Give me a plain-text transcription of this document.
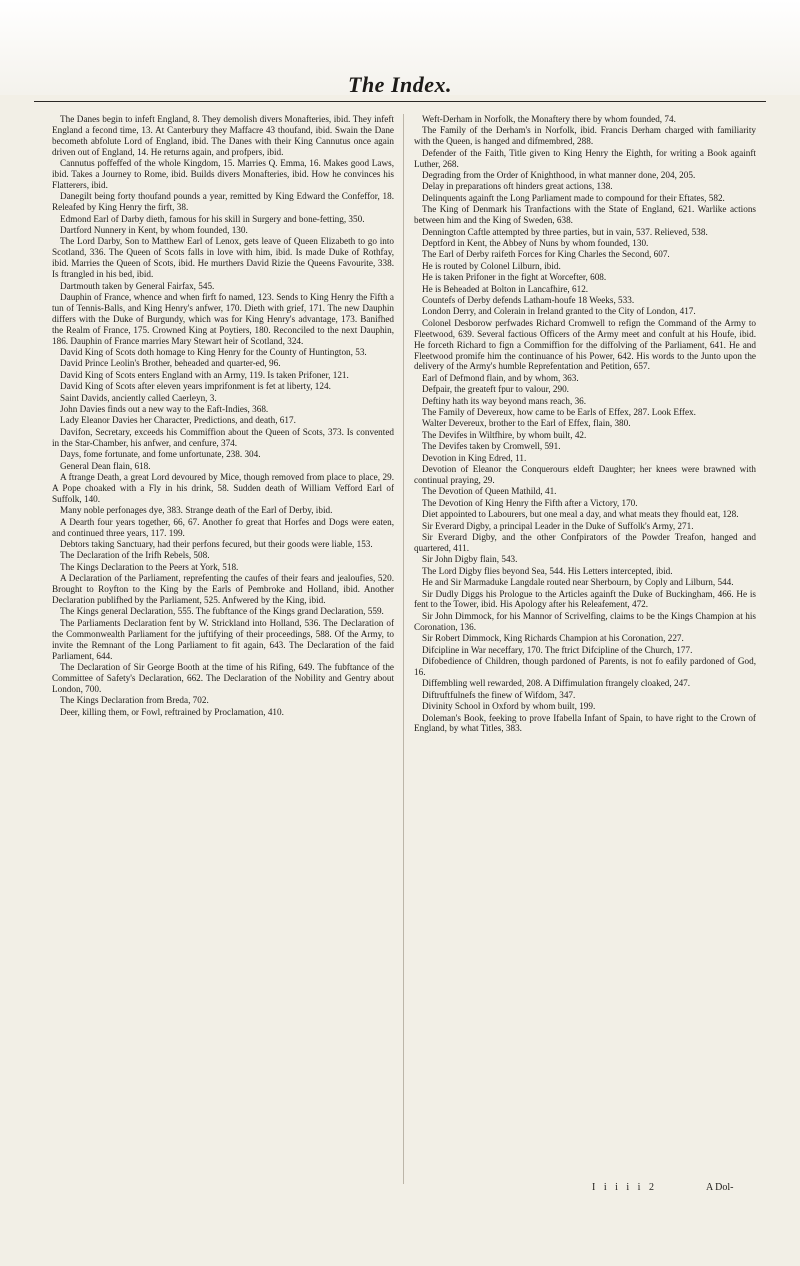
The Index.

The Danes begin to infeft England, 8. They demolish divers Monafteries, ibid. They infeft England a fecond time, 13. At Canterbury they Maffacre 43 thoufand, ibid. Swain the Dane becometh abfolute Lord of England, ibid. The Danes with their King Cannutus once again driven out of England, 14. He returns again, and profpers, ibid.

Cannutus poffeffed of the whole Kingdom, 15. Marries Q. Emma, 16. Makes good Laws, ibid. Takes a Journey to Rome, ibid. Builds divers Monafteries, ibid. How he convinces his Flatterers, ibid.

Danegilt being forty thoufand pounds a year, remitted by King Edward the Confeffor, 18. Releafed by King Henry the firft, 38.

Edmond Earl of Darby dieth, famous for his skill in Surgery and bone-fetting, 350.

Dartford Nunnery in Kent, by whom founded, 130.

The Lord Darby, Son to Matthew Earl of Lenox, gets leave of Queen Elizabeth to go into Scotland, 336. The Queen of Scots falls in love with him, ibid. Is made Duke of Rothfay, ibid. Marries the Queen of Scots, ibid. He murthers David Rizie the Queens Favourite, 338. Is ftrangled in his bed, ibid.

Dartmouth taken by General Fairfax, 545.

Dauphin of France, whence and when firft fo named, 123. Sends to King Henry the Fifth a tun of Tennis-Balls, and King Henry's anfwer, 170. Dieth with grief, 171. The new Dauphin differs with the Duke of Burgundy, which was for King Henry's advantage, 173. Banifhed the Realm of France, 175. Crowned King at Poytiers, 180. Reconciled to the next Dauphin, 186. Dauphin of France marries Mary Stewart heir of Scotland, 324.

David King of Scots doth homage to King Henry for the County of Huntington, 53.

David Prince Leolin's Brother, beheaded and quarter-ed, 96.

David King of Scots enters England with an Army, 119. Is taken Prifoner, 121.

David King of Scots after eleven years imprifonment is fet at liberty, 124.

Saint Davids, anciently called Caerleyn, 3.

John Davies finds out a new way to the Eaft-Indies, 368.

Lady Eleanor Davies her Character, Predictions, and death, 617.

Davifon, Secretary, exceeds his Commiffion about the Queen of Scots, 373. Is convented in the Star-Chamber, his anfwer, and cenfure, 374.

Days, fome fortunate, and fome unfortunate, 238. 304.

General Dean flain, 618.

A ftrange Death, a great Lord devoured by Mice, though removed from place to place, 29. A Pope choaked with a Fly in his drink, 58. Sudden death of William Vefford Earl of Suffolk, 140.

Many noble perfonages dye, 383. Strange death of the Earl of Derby, ibid.

A Dearth four years together, 66, 67. Another fo great that Horfes and Dogs were eaten, and continued three years, 117. 199.

Debtors taking Sanctuary, had their perfons fecured, but their goods were liable, 153.

The Declaration of the Irifh Rebels, 508.

The Kings Declaration to the Peers at York, 518.

A Declaration of the Parliament, reprefenting the caufes of their fears and jealoufies, 520. Brought to Royfton to the King by the Earls of Pembroke and Holland, ibid. Another Declaration publifhed by the Parliament, 525. Anfwered by the King, ibid.

The Kings general Declaration, 555. The fubftance of the Kings grand Declaration, 559.

The Parliaments Declaration fent by W. Strickland into Holland, 536. The Declaration of the Commonwealth Parliament for the juftifying of their proceedings, 588. Of the Army, to invite the Remnant of the Long Parliament to fit again, 643. The Declaration of the faid Parliament, 644.

The Declaration of Sir George Booth at the time of his Rifing, 649. The fubftance of the Committee of Safety's Declaration, 662. The Declaration of the Nobility and Gentry about London, 700.

The Kings Declaration from Breda, 702.

Deer, killing them, or Fowl, reftrained by Proclamation, 410.

Weft-Derham in Norfolk, the Monaftery there by whom founded, 74.

The Family of the Derham's in Norfolk, ibid. Francis Derham charged with familiarity with the Queen, is hanged and difmembred, 288.

Defender of the Faith, Title given to King Henry the Eighth, for writing a Book againft Luther, 268.

Degrading from the Order of Knighthood, in what manner done, 204, 205.

Delay in preparations oft hinders great actions, 138.

Delinquents againft the Long Parliament made to compound for their Eftates, 582.

The King of Denmark his Tranfactions with the State of England, 621. Warlike actions between him and the King of Sweden, 638.

Dennington Caftle attempted by three parties, but in vain, 537. Relieved, 538.

Deptford in Kent, the Abbey of Nuns by whom founded, 130.

The Earl of Derby raifeth Forces for King Charles the Second, 607.

He is routed by Colonel Lilburn, ibid.

He is taken Prifoner in the fight at Worcefter, 608.

He is Beheaded at Bolton in Lancafhire, 612.

Countefs of Derby defends Latham-houfe 18 Weeks, 533.

London Derry, and Colerain in Ireland granted to the City of London, 417.

Colonel Desborow perfwades Richard Cromwell to refign the Command of the Army to Fleetwood, 639. Several factious Officers of the Army meet and confult at his Houfe, ibid. He forceth Richard to fign a Commiffion for the diffolving of the Parliament, 641. He and Fleetwood promife him the continuance of his Power, 642. His words to the Junto upon the delivery of the Army's humble Reprefentation and Petition, 657.

Earl of Defmond flain, and by whom, 363.

Defpair, the greateft fpur to valour, 290.

Deftiny hath its way beyond mans reach, 36.

The Family of Devereux, how came to be Earls of Effex, 287. Look Effex.

Walter Devereux, brother to the Earl of Effex, flain, 380.

The Devifes in Wiltfhire, by whom built, 42.

The Devifes taken by Cromwell, 591.

Devotion in King Edred, 11.

Devotion of Eleanor the Conquerours eldeft Daughter; her knees were brawned with continual praying, 29.

The Devotion of Queen Mathild, 41.

The Devotion of King Henry the Fifth after a Victory, 170.

Diet appointed to Labourers, but one meal a day, and what meats they fhould eat, 128.

Sir Everard Digby, a principal Leader in the Duke of Suffolk's Army, 271.

Sir Everard Digby, and the other Confpirators of the Powder Treafon, hanged and quartered, 411.

Sir John Digby flain, 543.

The Lord Digby flies beyond Sea, 544. His Letters intercepted, ibid.

He and Sir Marmaduke Langdale routed near Sherbourn, by Coply and Lilburn, 544.

Sir Dudly Diggs his Prologue to the Articles againft the Duke of Buckingham, 466. He is fent to the Tower, ibid. His Apology after his Releafement, 472.

Sir John Dimmock, for his Mannor of Scrivelfing, claims to be the Kings Champion at his Coronation, 136.

Sir Robert Dimmock, King Richards Champion at his Coronation, 227.

Difcipline in War neceffary, 170. The ftrict Difcipline of the Church, 177.

Difobedience of Children, though pardoned of Parents, is not fo eafily pardoned of God, 16.

Diffembling well rewarded, 208. A Diffimulation ftrangely cloaked, 247.

Diftruftfulnefs the finew of Wifdom, 347.

Divinity School in Oxford by whom built, 199.

Doleman's Book, feeking to prove Ifabella Infant of Spain, to have right to the Crown of England, by what Titles, 383.

I i i i i 2	A Dol-
